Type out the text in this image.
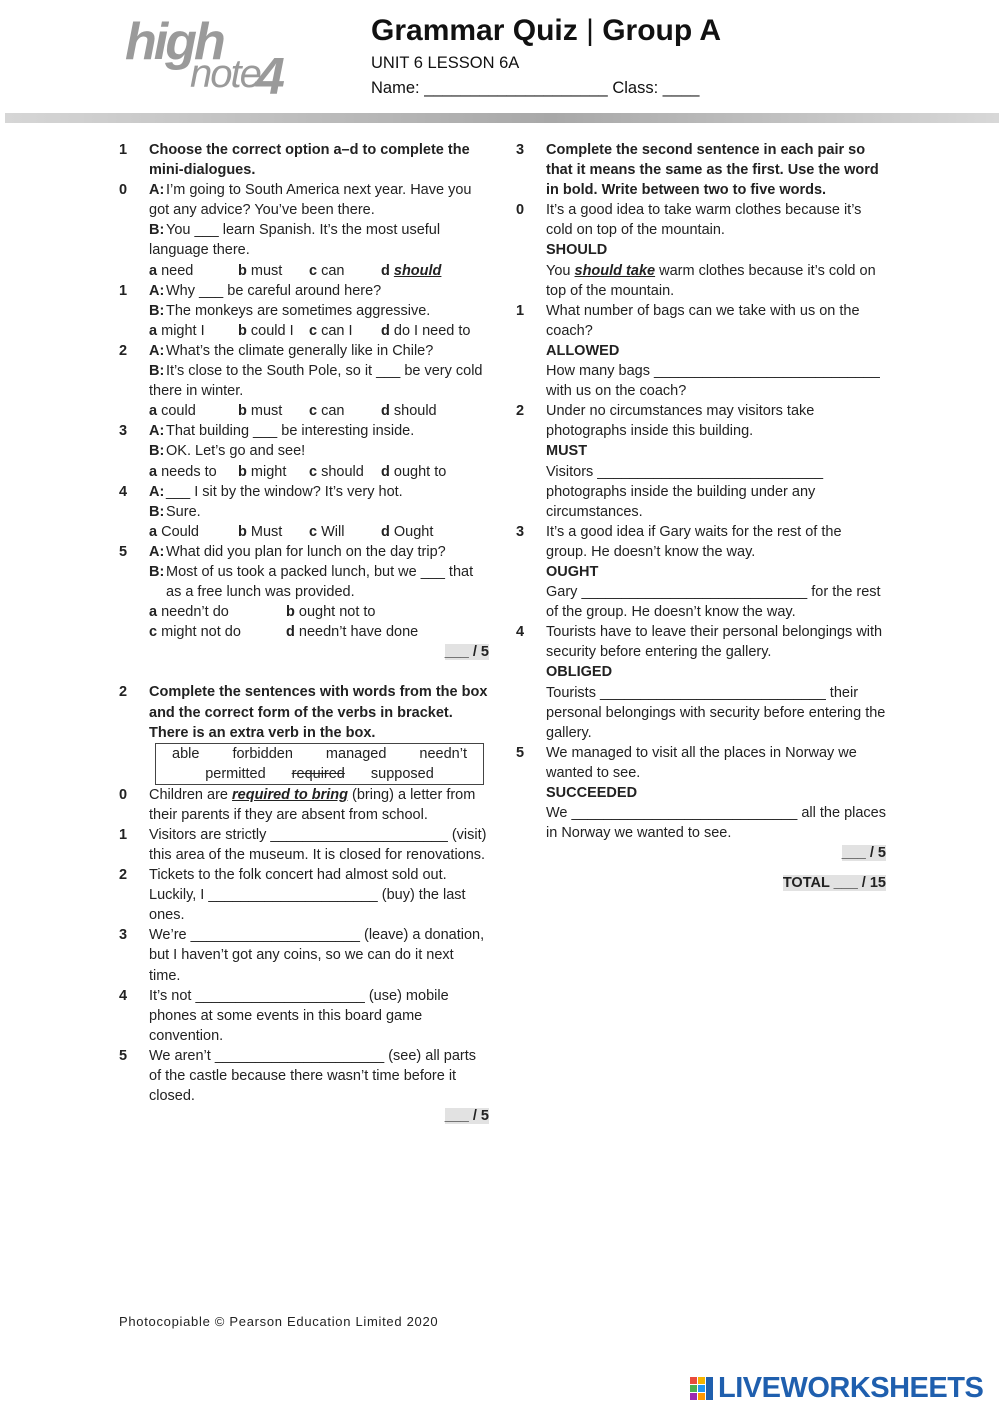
high
note
4
Grammar Quiz | Group A
UNIT 6 LESSON 6A
Name: ____________________ Class: ____
1	Choose the correct option a–d to complete the mini-dialogues.
0	A: I’m going to South America next year. Have you got any advice? You’ve been there.
B: You ___ learn Spanish. It’s the most useful language there.
a need	b must	c can	d should
1	A: Why ___ be careful around here?
B: The monkeys are sometimes aggressive.
a might I	b could I	c can I	d do I need to
2	A: What’s the climate generally like in Chile?
B: It’s close to the South Pole, so it ___ be very cold there in winter.
a could	b must	c can	d should
3	A: That building ___ be interesting inside.
B: OK. Let’s go and see!
a needs to	b might	c should	d ought to
4	A: ___ I sit by the window? It’s very hot.
B: Sure.
a Could	b Must	c Will	d Ought
5	A: What did you plan for lunch on the day trip?
B: Most of us took a packed lunch, but we ___ that as a free lunch was provided.
a needn’t do	b ought not to
c might not do	d needn’t have done
___ / 5
2	Complete the sentences with words from the box and the correct form of the verbs in bracket. There is an extra verb in the box.
able forbidden managed needn’t
permitted required supposed
0	Children are required to bring (bring) a letter from their parents if they are absent from school.
1	Visitors are strictly ______________________ (visit) this area of the museum. It is closed for renovations.
2	Tickets to the folk concert had almost sold out. Luckily, I _____________________ (buy) the last ones.
3	We’re _____________________ (leave) a donation, but I haven’t got any coins, so we can do it next time.
4	It’s not _____________________ (use) mobile phones at some events in this board game convention.
5	We aren’t _____________________ (see) all parts of the castle because there wasn’t time before it closed.
___ / 5
3	Complete the second sentence in each pair so that it means the same as the first. Use the word in bold. Write between two to five words.
0	It’s a good idea to take warm clothes because it’s cold on top of the mountain.
SHOULD
You should take warm clothes because it’s cold on top of the mountain.
1	What number of bags can we take with us on the coach?
ALLOWED
How many bags ____________________________ with us on the coach?
2	Under no circumstances may visitors take photographs inside this building.
MUST
Visitors ____________________________ photographs inside the building under any circumstances.
3	It’s a good idea if Gary waits for the rest of the group. He doesn’t know the way.
OUGHT
Gary ____________________________ for the rest of the group. He doesn’t know the way.
4	Tourists have to leave their personal belongings with security before entering the gallery.
OBLIGED
Tourists ____________________________ their personal belongings with security before entering the gallery.
5	We managed to visit all the places in Norway we wanted to see.
SUCCEEDED
We ____________________________ all the places in Norway we wanted to see.
___ / 5
TOTAL ___ / 15
Photocopiable © Pearson Education Limited 2020
LIVEWORKSHEETS
